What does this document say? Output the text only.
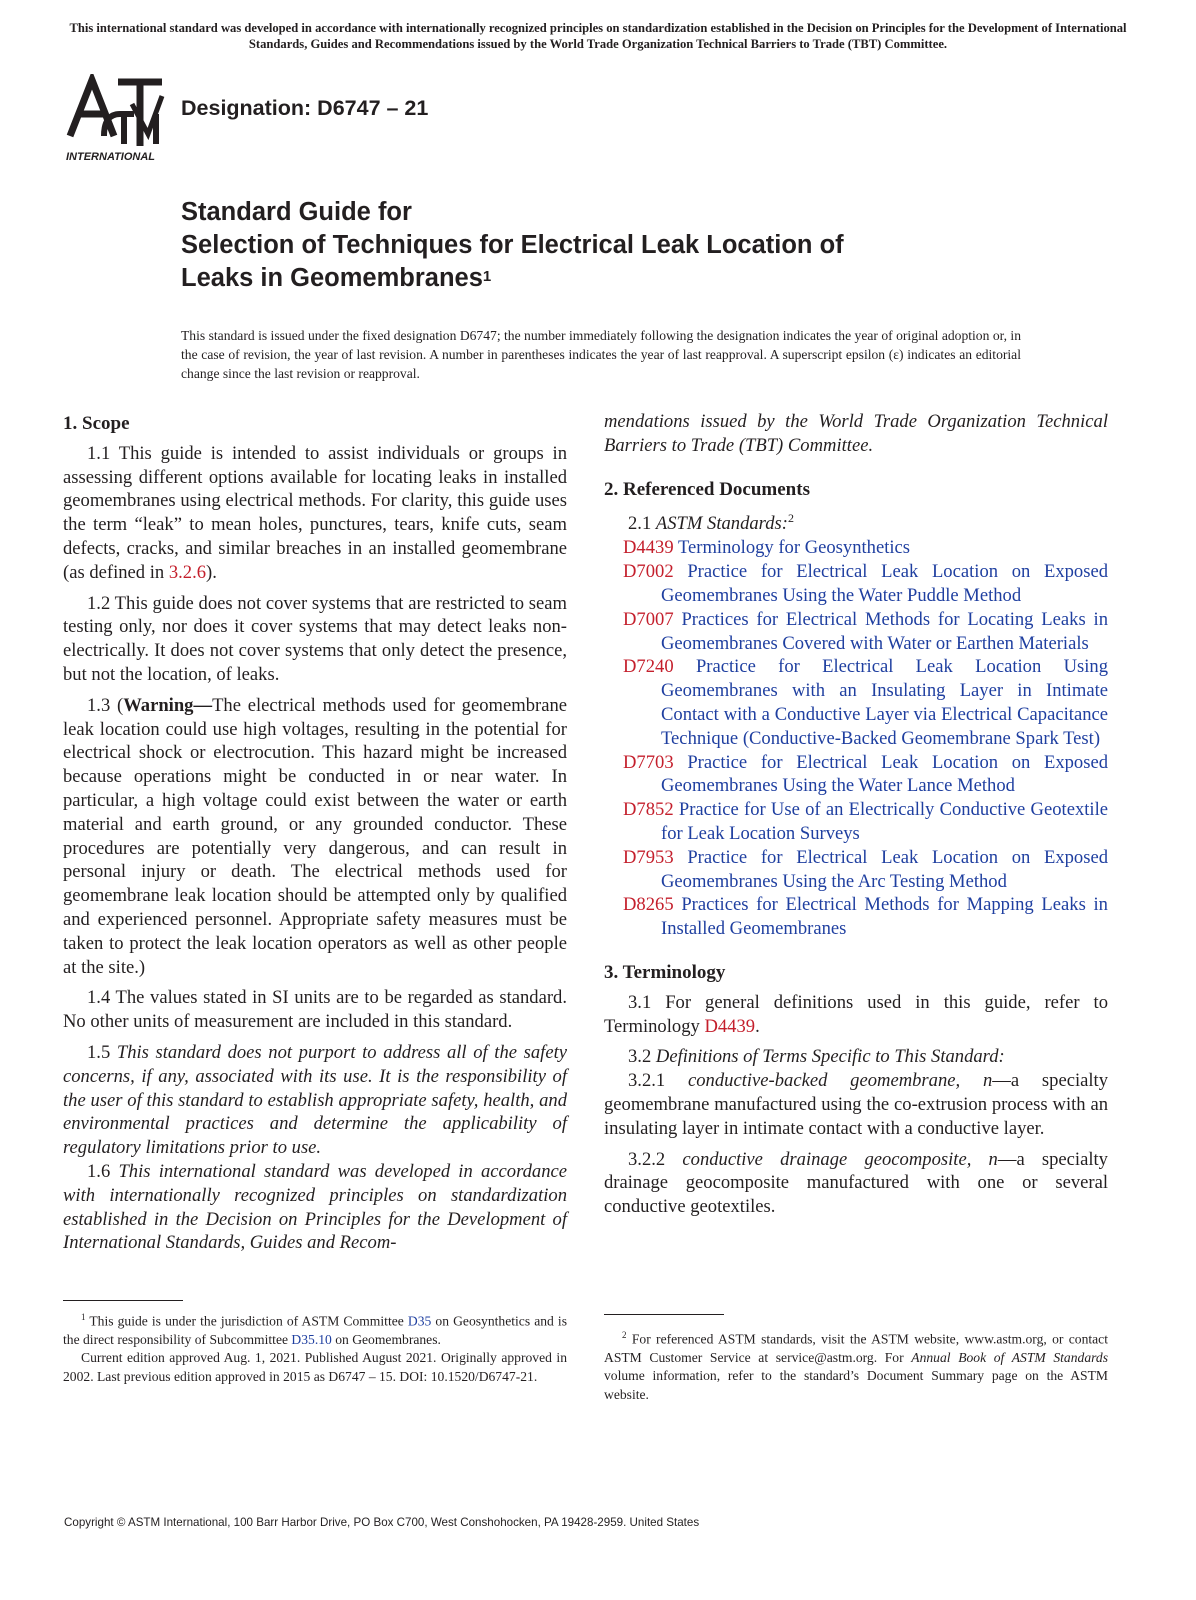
This international standard was developed in accordance with internationally recognized principles on standardization established in the Decision on Principles for the Development of International Standards, Guides and Recommendations issued by the World Trade Organization Technical Barriers to Trade (TBT) Committee.
INTERNATIONAL
Designation: D6747 – 21
Standard Guide for
Selection of Techniques for Electrical Leak Location of
Leaks in Geomembranes$^1$
This standard is issued under the fixed designation D6747; the number immediately following the designation indicates the year of original adoption or, in the case of revision, the year of last revision. A number in parentheses indicates the year of last reapproval. A superscript epsilon (ε) indicates an editorial change since the last revision or reapproval.

1. Scope

1.1 This guide is intended to assist individuals or groups in assessing different options available for locating leaks in installed geomembranes using electrical methods. For clarity, this guide uses the term “leak” to mean holes, punctures, tears, knife cuts, seam defects, cracks, and similar breaches in an installed geomembrane (as defined in 3.2.6).

1.2 This guide does not cover systems that are restricted to seam testing only, nor does it cover systems that may detect leaks non-electrically. It does not cover systems that only detect the presence, but not the location, of leaks.

1.3 (Warning—The electrical methods used for geomembrane leak location could use high voltages, resulting in the potential for electrical shock or electrocution. This hazard might be increased because operations might be conducted in or near water. In particular, a high voltage could exist between the water or earth material and earth ground, or any grounded conductor. These procedures are potentially very dangerous, and can result in personal injury or death. The electrical methods used for geomembrane leak location should be attempted only by qualified and experienced personnel. Appropriate safety measures must be taken to protect the leak location operators as well as other people at the site.)

1.4 The values stated in SI units are to be regarded as standard. No other units of measurement are included in this standard.

1.5 This standard does not purport to address all of the safety concerns, if any, associated with its use. It is the responsibility of the user of this standard to establish appropriate safety, health, and environmental practices and determine the applicability of regulatory limitations prior to use.

1.6 This international standard was developed in accordance with internationally recognized principles on standardization established in the Decision on Principles for the Development of International Standards, Guides and Recom-

$^1$ This guide is under the jurisdiction of ASTM Committee D35 on Geosynthetics and is the direct responsibility of Subcommittee D35.10 on Geomembranes.

Current edition approved Aug. 1, 2021. Published August 2021. Originally approved in 2002. Last previous edition approved in 2015 as D6747 – 15. DOI: 10.1520/D6747-21.

mendations issued by the World Trade Organization Technical Barriers to Trade (TBT) Committee.

2. Referenced Documents

2.1 ASTM Standards:$^2$

D4439 Terminology for Geosynthetics

D7002 Practice for Electrical Leak Location on Exposed Geomembranes Using the Water Puddle Method

D7007 Practices for Electrical Methods for Locating Leaks in Geomembranes Covered with Water or Earthen Materials

D7240 Practice for Electrical Leak Location Using Geomembranes with an Insulating Layer in Intimate Contact with a Conductive Layer via Electrical Capacitance Technique (Conductive-Backed Geomembrane Spark Test)

D7703 Practice for Electrical Leak Location on Exposed Geomembranes Using the Water Lance Method

D7852 Practice for Use of an Electrically Conductive Geotextile for Leak Location Surveys

D7953 Practice for Electrical Leak Location on Exposed Geomembranes Using the Arc Testing Method

D8265 Practices for Electrical Methods for Mapping Leaks in Installed Geomembranes

3. Terminology

3.1 For general definitions used in this guide, refer to Terminology D4439.

3.2 Definitions of Terms Specific to This Standard:

3.2.1 conductive-backed geomembrane, n—a specialty geomembrane manufactured using the co-extrusion process with an insulating layer in intimate contact with a conductive layer.

3.2.2 conductive drainage geocomposite, n—a specialty drainage geocomposite manufactured with one or several conductive geotextiles.

$^2$ For referenced ASTM standards, visit the ASTM website, www.astm.org, or contact ASTM Customer Service at service@astm.org. For Annual Book of ASTM Standards volume information, refer to the standard’s Document Summary page on the ASTM website.

Copyright © ASTM International, 100 Barr Harbor Drive, PO Box C700, West Conshohocken, PA 19428-2959. United States
